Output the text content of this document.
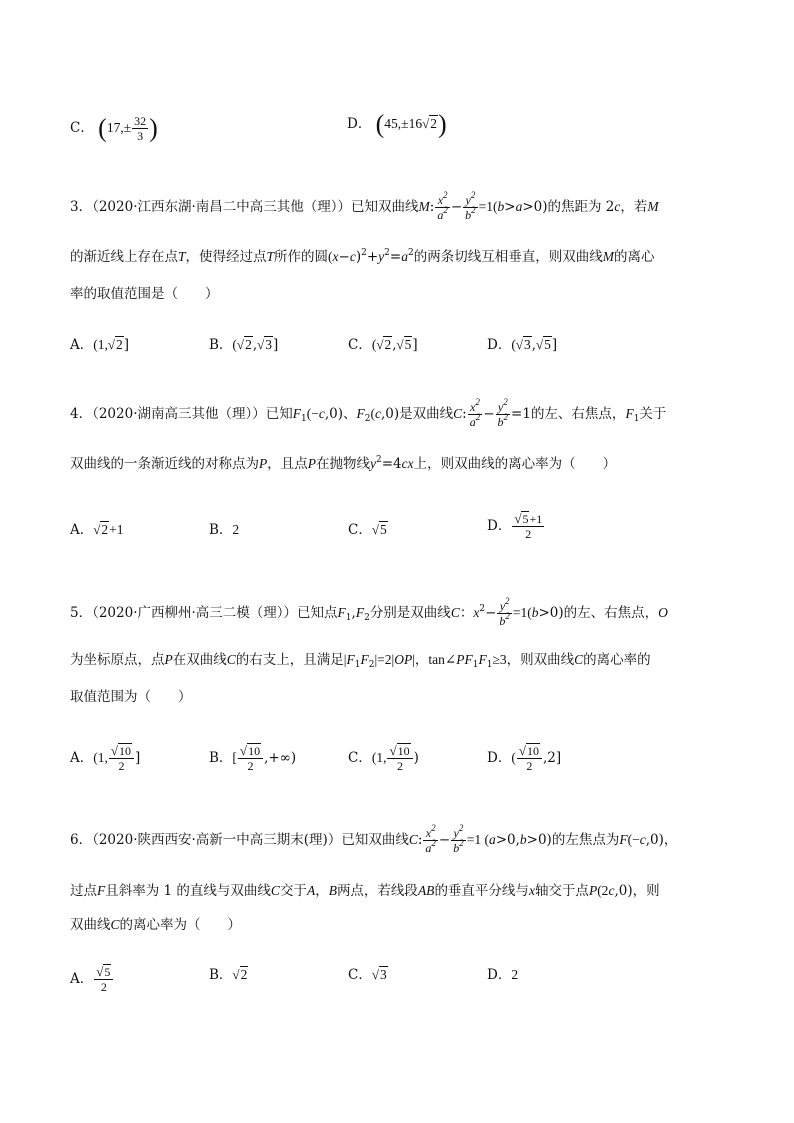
C． ($17,\pm \frac{32}{3}$ )	D． (45,±16√2)
3．（2020·江西东湖·南昌二中高三其他（理））已知双曲线M: $\frac{x^2}{a^2} - \frac{y^2}{b^2} =1(b>a>0)$的焦距为 2c，若M
的渐近线上存在点T，使得经过点T所作的圆$(x-c)^2+y^2=a^2$的两条切线互相垂直，则双曲线M的离心
率的取值范围是（　　）
A．(1,√2]	B．(√2,√3]	C．(√2,√5]	D．(√3,√5]
4．（2020·湖南高三其他（理））已知$F_1(-c,0)$、$F_2(c,0)$是双曲线C: $\frac{x^2}{a^2} - \frac{y^2}{b^2} =1$的左、右焦点，$F_1$关于
双曲线的一条渐近线的对称点为P，且点P在抛物线$y^2=4cx$上，则双曲线的离心率为（　　）
A．√2+1	B．2	C．√5	D． $\frac{√5+1}{2}$
5．（2020·广西柳州·高三二模（理））已知点$F_1,F_2$分别是双曲线C：$x^2- \frac{y^2}{b^2} =1(b>0)$的左、右焦点，O
为坐标原点，点P在双曲线C的右支上，且满足$|F_1F_2|=2|OP|$，$\tan\angle PF_1F_1\ge 3$，则双曲线C的离心率的
取值范围为（　　）
A．(1, $\frac{√10}{2}$ ]	B．[ $\frac{√10}{2}$ ,+∞)	C．(1, $\frac{√10}{2}$ )	D．( $\frac{√10}{2} ,2$]
6．（2020·陕西西安·高新一中高三期末(理)）已知双曲线C: $\frac{x^2}{a^2} - \frac{y^2}{b^2} =1$ (a>0,b>0)的左焦点为F(−c,0)，
过点F且斜率为 1 的直线与双曲线C交于A，B两点，若线段AB的垂直平分线与x轴交于点P(2c,0)，则
双曲线C的离心率为（　　）
A． $\frac{√5}{2}$	B．√2	C．√3	D．2
